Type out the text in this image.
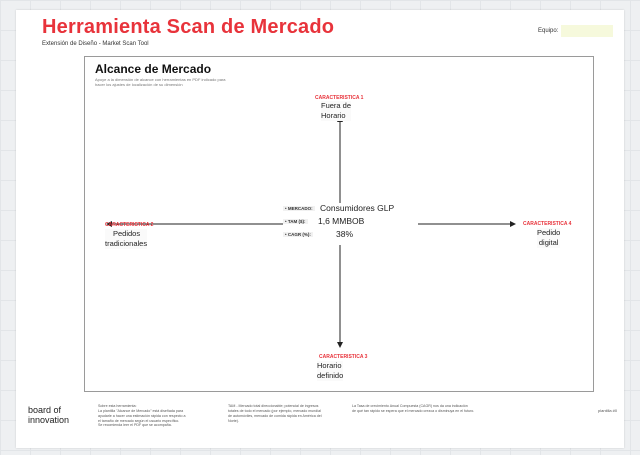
Herramienta Scan de Mercado
Extensión de Diseño - Market Scan Tool
Equipo:
Alcance de Mercado
Apoye a la dimensión de alcance con herramientas en PDF indicado para
hacer los ajustes de localización de su dimensión
CARACTERISTICA 1
Fuera de
Horario
CARACTERISTICA 2
Pedidos
tradicionales
CARACTERISTICA 3
Horario
definido
CARACTERISTICA 4
Pedido
digital
• MERCADO: Consumidores GLP
• TAM ($): 1,6 MMBOB
• CAGR (%):	38%
board of
innovation
Sobre esta herramienta:
La plantilla "Alcance de Mercado" está diseñada para
ayudarle a hacer una estimación rápida con respecto a
el tamaño de mercado según el usuario específico.
Se recomienda leer el PDF que se acompaña.
TAM - Mercado total direccionable; potencial de ingresos
totales de todo el mercado (por ejemplo, mercado mundial
de automóviles, mercado de comida rápida en América del
Norte).
La Tasa de crecimiento Anual Compuesta (CAGR) nos da una indicación
de qué tan rápido se espera que el mercado crezca o disminuya en el futuro.	plantilla #0
